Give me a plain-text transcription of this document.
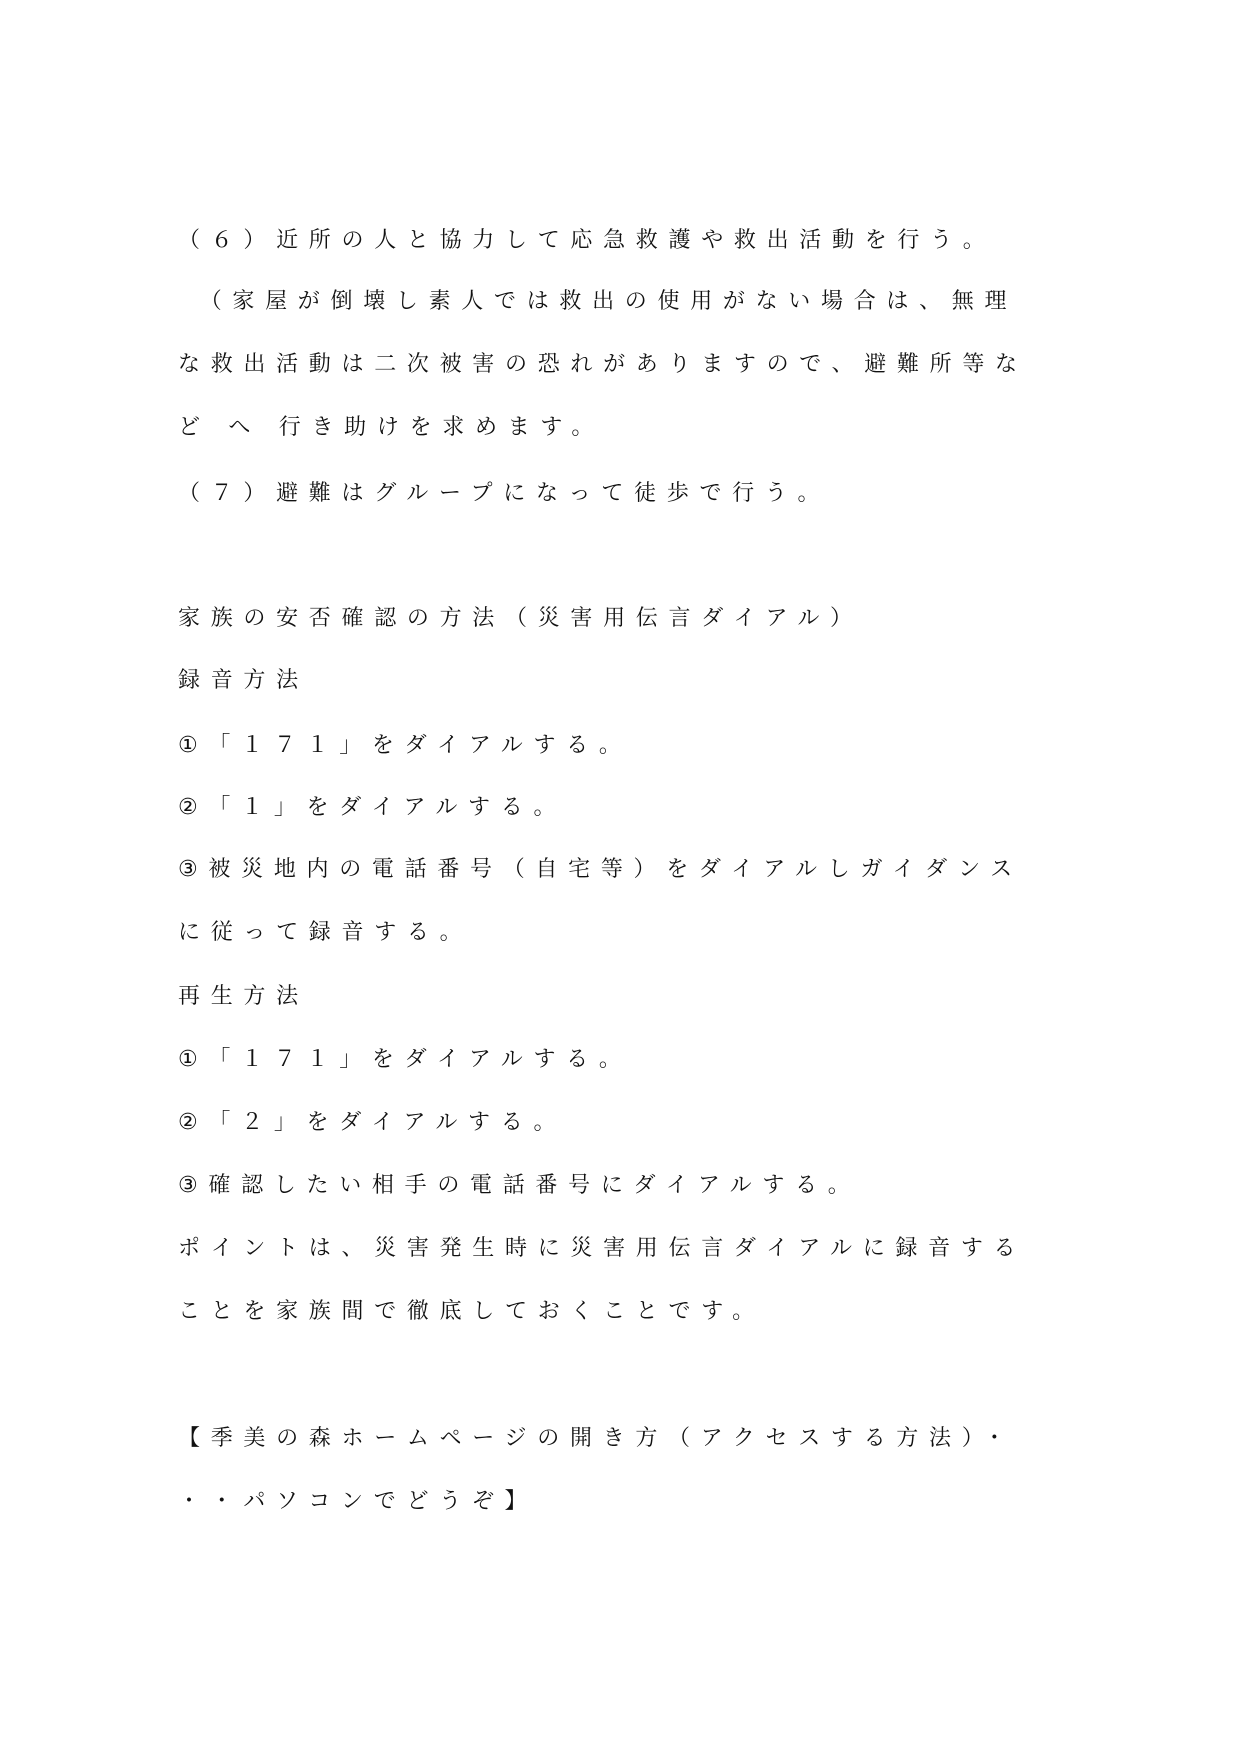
（６）近所の人と協力して応急救護や救出活動を行う。
　（家屋が倒壊し素人では救出の使用がない場合は、無理
な救出活動は二次被害の恐れがありますので、避難所等な
ど へ 行き助けを求めます。
（７）避難はグループになって徒歩で行う。
家族の安否確認の方法（災害用伝言ダイアル）
録音方法
①「１７１」をダイアルする。
②「１」をダイアルする。
③被災地内の電話番号（自宅等）をダイアルしガイダンス
に従って録音する。
再生方法
①「１７１」をダイアルする。
②「２」をダイアルする。
③確認したい相手の電話番号にダイアルする。
ポイントは、災害発生時に災害用伝言ダイアルに録音する
ことを家族間で徹底しておくことです。
【季美の森ホームページの開き方（アクセスする方法）・
・・パソコンでどうぞ】
